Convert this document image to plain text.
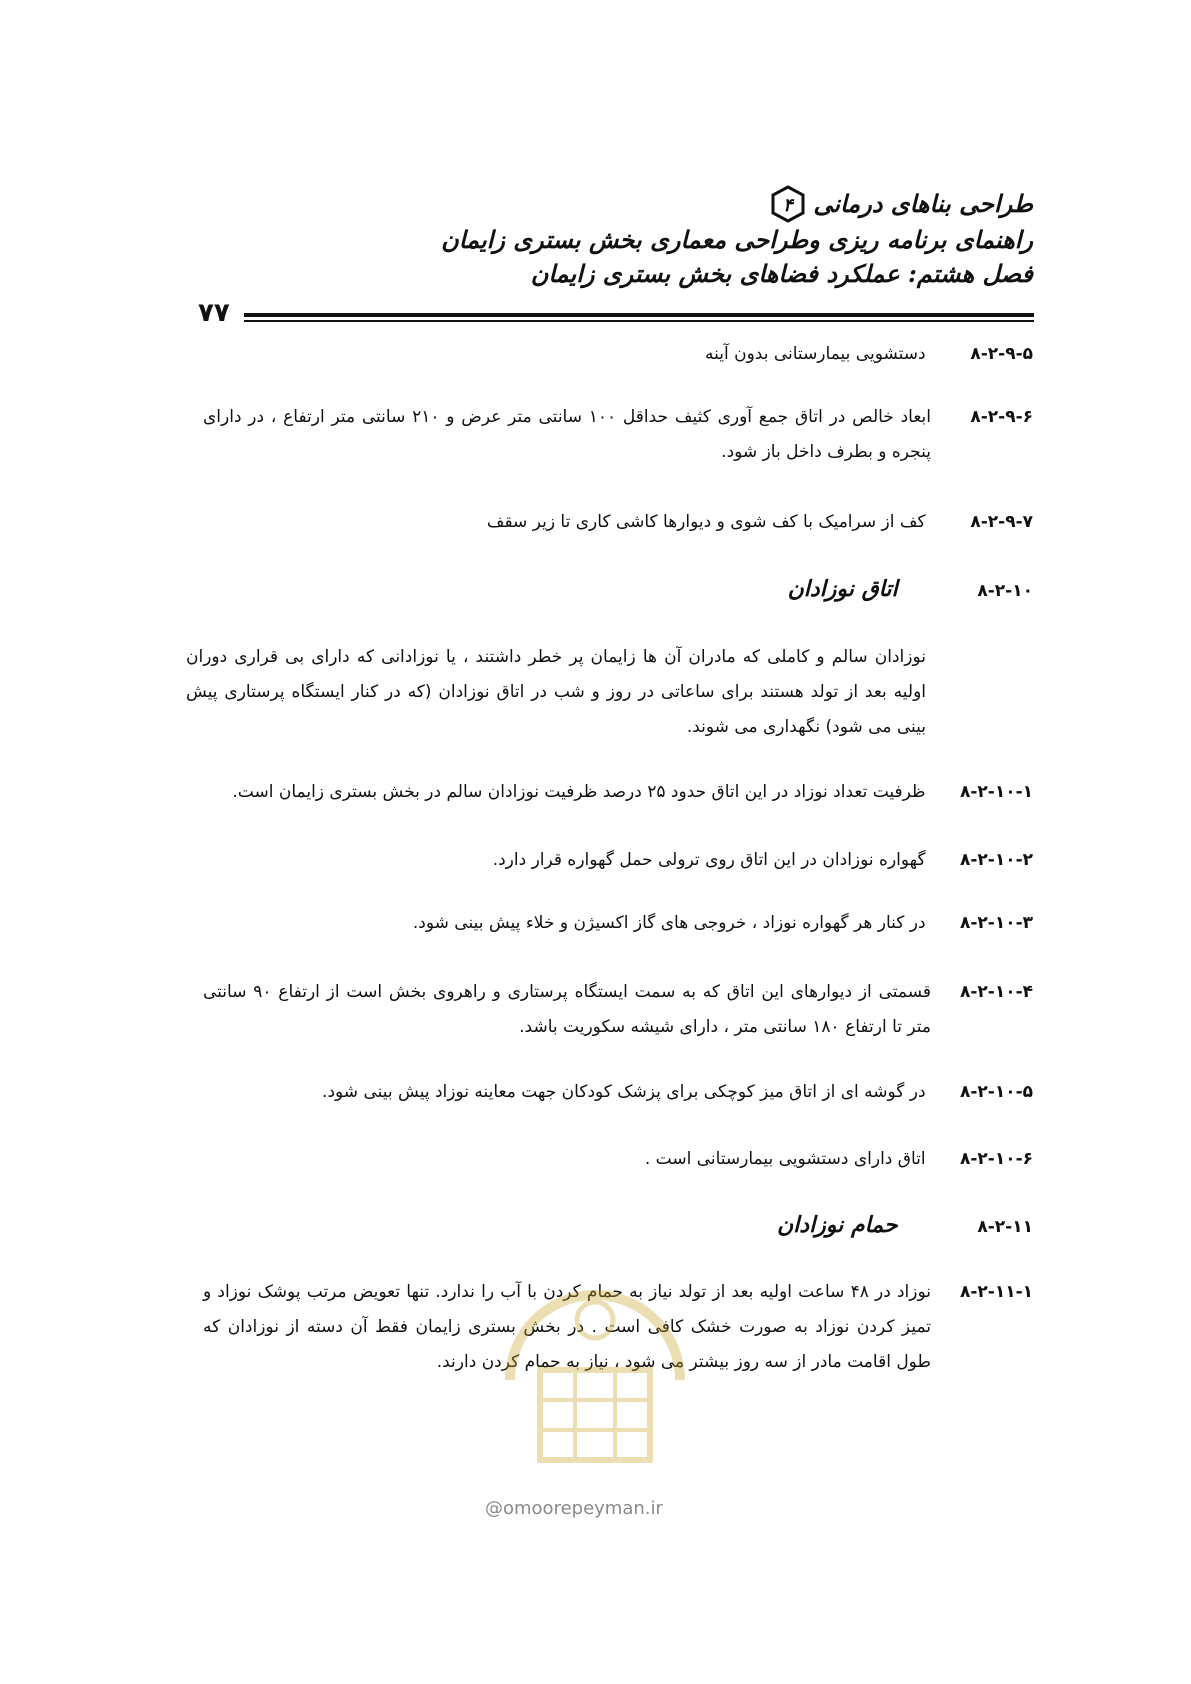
طراحی بناهای درمانی
۴
راهنمای برنامه ریزی وطراحی معماری بخش بستری زایمان
فصل هشتم: عملکرد فضاهای بخش بستری زایمان
۷۷
۸-۲-۹-۵ دستشویی بیمارستانی بدون آینه
۸-۲-۹-۶
ابعاد خالص در اتاق جمع آوری کثیف حداقل ۱۰۰ سانتی متر عرض و ۲۱۰ سانتی متر ارتفاع ، در دارای پنجره و بطرف داخل باز شود.
۸-۲-۹-۷ کف از سرامیک با کف شوی و دیوارها کاشی کاری تا زیر سقف
۸-۲-۱۰ اتاق نوزادان
نوزادان سالم و کاملی که مادران آن ها زایمان پر خطر داشتند ، یا نوزادانی که دارای بی قراری دوران اولیه بعد از تولد هستند برای ساعاتی در روز و شب در اتاق نوزادان (که در کنار ایستگاه پرستاری پیش بینی می شود) نگهداری می شوند.
۸-۲-۱۰-۱ ظرفیت تعداد نوزاد در این اتاق حدود ۲۵ درصد ظرفیت نوزادان سالم در بخش بستری زایمان است.
۸-۲-۱۰-۲ گهواره نوزادان در این اتاق روی ترولی حمل گهواره قرار دارد.
۸-۲-۱۰-۳ در کنار هر گهواره نوزاد ، خروجی های گاز اکسیژن و خلاء پیش بینی شود.
۸-۲-۱۰-۴
قسمتی از دیوارهای این اتاق که به سمت ایستگاه پرستاری و راهروی بخش است از ارتفاع ۹۰ سانتی متر تا ارتفاع ۱۸۰ سانتی متر ، دارای شیشه سکوریت باشد.
۸-۲-۱۰-۵ در گوشه ای از اتاق میز کوچکی برای پزشک کودکان جهت معاینه نوزاد پیش بینی شود.
۸-۲-۱۰-۶ اتاق دارای دستشویی بیمارستانی است .
۸-۲-۱۱ حمام نوزادان
۸-۲-۱۱-۱
نوزاد در ۴۸ ساعت اولیه بعد از تولد نیاز به حمام کردن با آب را ندارد. تنها تعویض مرتب پوشک نوزاد و تمیز کردن نوزاد به صورت خشک کافی است . در بخش بستری زایمان فقط آن دسته از نوزادان که طول اقامت مادر از سه روز بیشتر می شود ، نیاز به حمام کردن دارند.
@omoorepeyman.ir
